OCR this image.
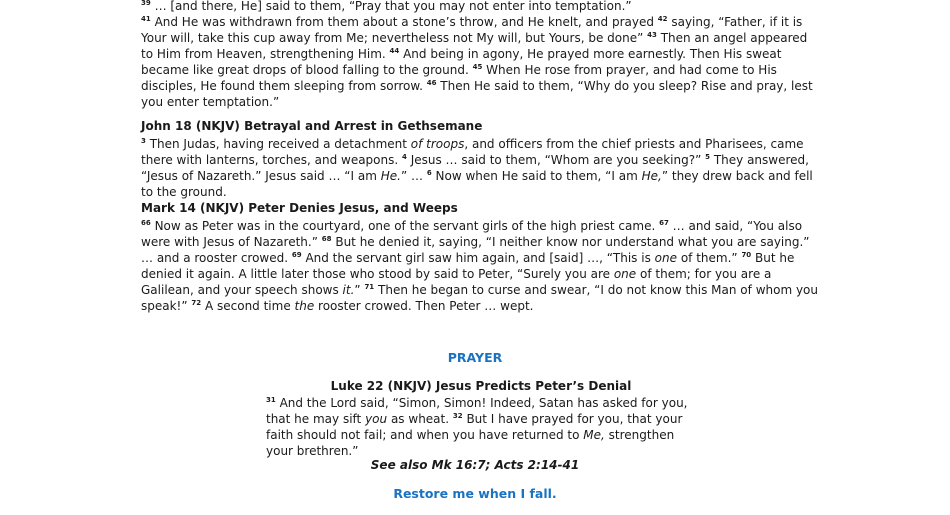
$^{39}$ … [and there, He] said to them, “Pray that you may not enter into temptation.”
$^{41}$ And He was withdrawn from them about a stone’s throw, and He knelt, and prayed $^{42}$ saying, “Father, if it is Your will, take this cup away from Me; nevertheless not My will, but Yours, be done” $^{43}$ Then an angel appeared to Him from Heaven, strengthening Him. $^{44}$ And being in agony, He prayed more earnestly. Then His sweat became like great drops of blood falling to the ground. $^{45}$ When He rose from prayer, and had come to His disciples, He found them sleeping from sorrow. $^{46}$ Then He said to them, “Why do you sleep? Rise and pray, lest you enter temptation.”

John 18 (NKJV) Betrayal and Arrest in Gethsemane

$^3$ Then Judas, having received a detachment of troops, and officers from the chief priests and Pharisees, came there with lanterns, torches, and weapons. $^4$ Jesus … said to them, “Whom are you seeking?” $^5$ They answered, “Jesus of Nazareth.” Jesus said … “I am He.” … $^6$ Now when He said to them, “I am He,” they drew back and fell to the ground.

Mark 14 (NKJV) Peter Denies Jesus, and Weeps

$^{66}$ Now as Peter was in the courtyard, one of the servant girls of the high priest came. $^{67}$ … and said, “You also were with Jesus of Nazareth.” $^{68}$ But he denied it, saying, “I neither know nor understand what you are saying.” … and a rooster crowed. $^{69}$ And the servant girl saw him again, and [said] …, “This is one of them.” $^{70}$ But he denied it again. A little later those who stood by said to Peter, “Surely you are one of them; for you are a Galilean, and your speech shows it.” $^{71}$ Then he began to curse and swear, “I do not know this Man of whom you speak!” $^{72}$ A second time the rooster crowed. Then Peter … wept.

PRAYER

Luke 22 (NKJV) Jesus Predicts Peter’s Denial

$^{31}$ And the Lord said, “Simon, Simon! Indeed, Satan has asked for you, that he may sift you as wheat. $^{32}$ But I have prayed for you, that your faith should not fail; and when you have returned to Me, strengthen your brethren.”

See also Mk 16:7; Acts 2:14-41
Restore me when I fall.
